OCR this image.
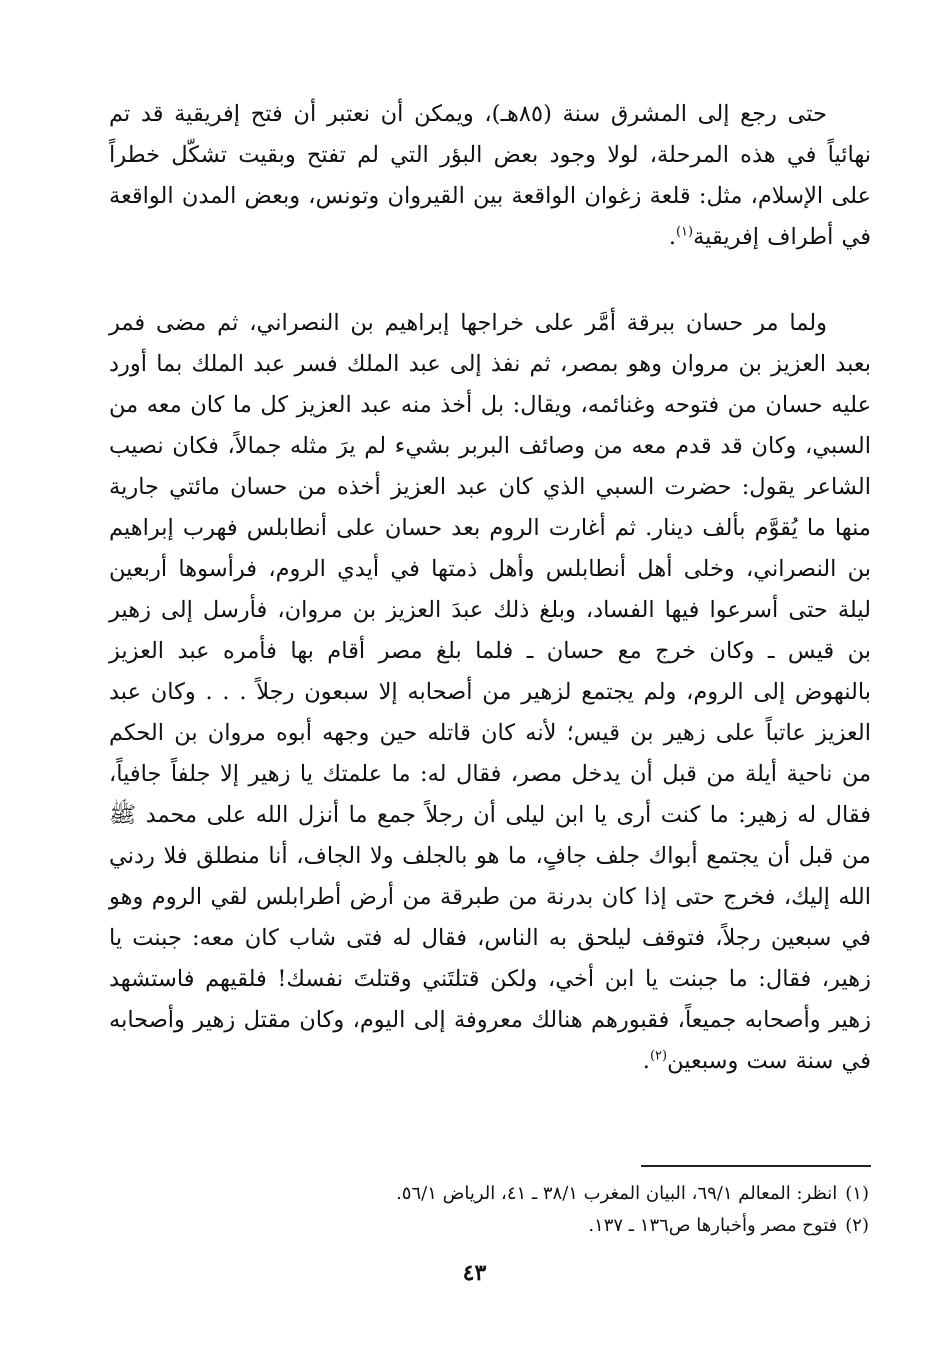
حتى رجع إلى المشرق سنة (٨٥هـ)، ويمكن أن نعتبر أن فتح إفريقية قد تم نهائياً في هذه المرحلة، لولا وجود بعض البؤر التي لم تفتح وبقيت تشكّل خطراً على الإسلام، مثل: قلعة زغوان الواقعة بين القيروان وتونس، وبعض المدن الواقعة في أطراف إفريقية$^{(١)}$.

ولما مر حسان ببرقة أمَّر على خراجها إبراهيم بن النصراني، ثم مضى فمر بعبد العزيز بن مروان وهو بمصر، ثم نفذ إلى عبد الملك فسر عبد الملك بما أورد عليه حسان من فتوحه وغنائمه، ويقال: بل أخذ منه عبد العزيز كل ما كان معه من السبي، وكان قد قدم معه من وصائف البربر بشيء لم يرَ مثله جمالاً، فكان نصيب الشاعر يقول: حضرت السبي الذي كان عبد العزيز أخذه من حسان مائتي جارية منها ما يُقوَّم بألف دينار. ثم أغارت الروم بعد حسان على أنطابلس فهرب إبراهيم بن النصراني، وخلى أهل أنطابلس وأهل ذمتها في أيدي الروم، فرأسوها أربعين ليلة حتى أسرعوا فيها الفساد، وبلغ ذلك عبدَ العزيز بن مروان، فأرسل إلى زهير بن قيس ـ وكان خرج مع حسان ـ فلما بلغ مصر أقام بها فأمره عبد العزيز بالنهوض إلى الروم، ولم يجتمع لزهير من أصحابه إلا سبعون رجلاً . . . وكان عبد العزيز عاتباً على زهير بن قيس؛ لأنه كان قاتله حين وجهه أبوه مروان بن الحكم من ناحية أيلة من قبل أن يدخل مصر، فقال له: ما علمتك يا زهير إلا جلفاً جافياً، فقال له زهير: ما كنت أرى يا ابن ليلى أن رجلاً جمع ما أنزل الله على محمد ﷺ من قبل أن يجتمع أبواك جلف جافٍ، ما هو بالجلف ولا الجاف، أنا منطلق فلا ردني الله إليك، فخرج حتى إذا كان بدرنة من طبرقة من أرض أطرابلس لقي الروم وهو في سبعين رجلاً، فتوقف ليلحق به الناس، فقال له فتى شاب كان معه: جبنت يا زهير، فقال: ما جبنت يا ابن أخي، ولكن قتلتَني وقتلتَ نفسك! فلقيهم فاستشهد زهير وأصحابه جميعاً، فقبورهم هنالك معروفة إلى اليوم، وكان مقتل زهير وأصحابه في سنة ست وسبعين$^{(٢)}$.

(١)انظر: المعالم ٦٩/١، البيان المغرب ٣٨/١ ـ ٤١، الرياض ٥٦/١.

(٢)فتوح مصر وأخبارها ص١٣٦ ـ ١٣٧.

٤٣
